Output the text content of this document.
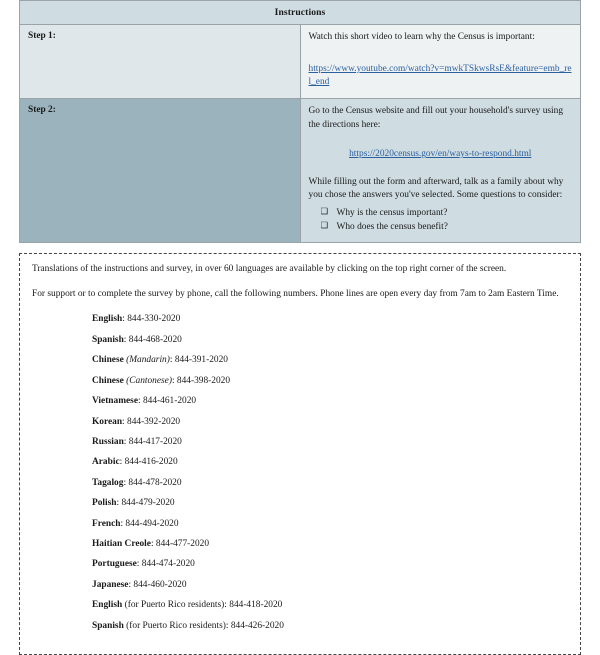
Instructions	
Step 1:	Watch this short video to learn why the Census is important:
https://www.youtube.com/watch?v=mwkTSkwsRsE&feature=emb_rel_end

Step 2:	Go to the Census website and fill out your household's survey using the directions here:
https://2020census.gov/en/ways-to-respond.html
While filling out the form and afterward, talk as a family about why you chose the answers you've selected. Some questions to consider:
❑ Why is the census important?
❑ Who does the census benefit?

Translations of the instructions and survey, in over 60 languages are available by clicking on the top right corner of the screen.

For support or to complete the survey by phone, call the following numbers. Phone lines are open every day from 7am to 2am Eastern Time.

English: 844-330-2020
Spanish: 844-468-2020
Chinese (Mandarin): 844-391-2020
Chinese (Cantonese): 844-398-2020
Vietnamese: 844-461-2020
Korean: 844-392-2020
Russian: 844-417-2020
Arabic: 844-416-2020
Tagalog: 844-478-2020
Polish: 844-479-2020
French: 844-494-2020
Haitian Creole: 844-477-2020
Portuguese: 844-474-2020
Japanese: 844-460-2020
English (for Puerto Rico residents): 844-418-2020
Spanish (for Puerto Rico residents): 844-426-2020
